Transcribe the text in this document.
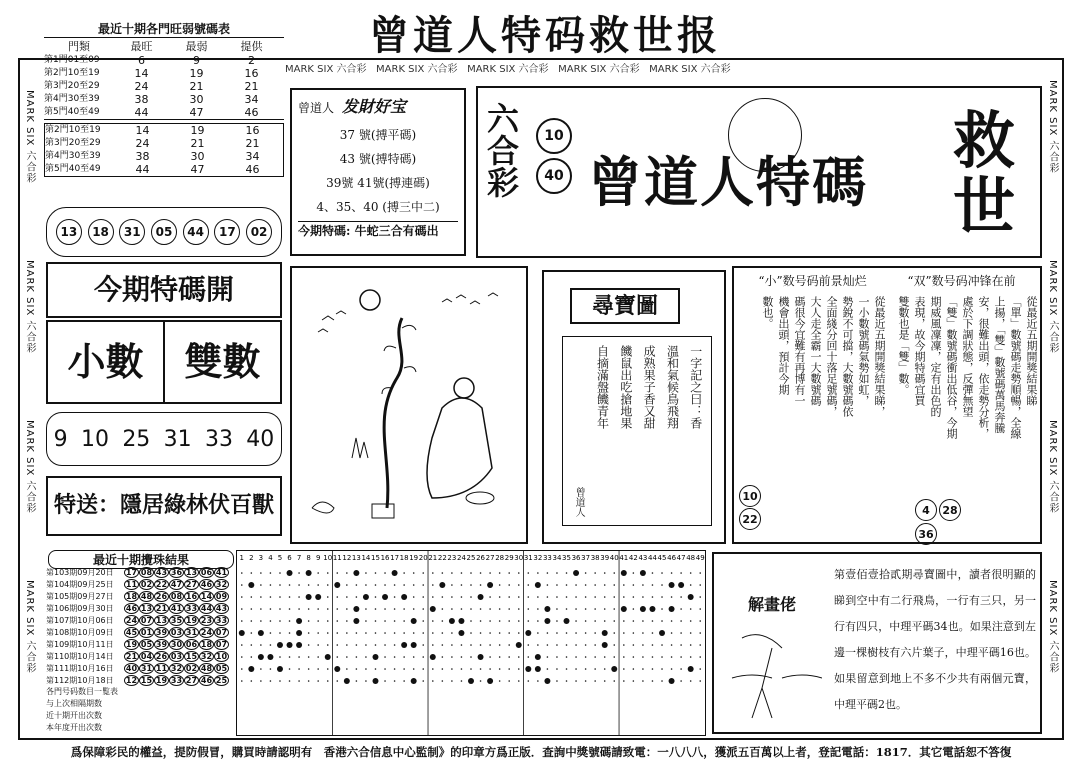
曾道人特码救世报
MARK SIX 六合彩 MARK SIX 六合彩 MARK SIX 六合彩 MARK SIX 六合彩 MARK SIX 六合彩
MARK SIX 六合彩
MARK SIX 六合彩
MARK SIX 六合彩
MARK SIX 六合彩
MARK SIX 六合彩
MARK SIX 六合彩
MARK SIX 六合彩
MARK SIX 六合彩
最近十期各門旺弱號碼表
門類	最旺	最弱	提供
第1門01至09	6	9	2
第2門10至19	14	19	16
第3門20至29	24	21	21
第4門30至39	38	30	34
第5門40至49	44	47	46
第2門10至19	14	19	16
第3門20至29	24	21	21
第4門30至39	38	30	34
第5門40至49	44	47	46
13	18	31	05	44	17	02
曾道人 发財好宝
37 號(搏平碼)
43 號(搏特碼)
39號 41號(搏連碼)
4、35、40 (搏三中二)
今期特碼: 牛蛇三合有碼出
六合彩	10
40 曾道人特碼
救世
今期特碼開
小數	雙數
9 10 25 31 33 40
特送：隱居綠林伏百獸
尋寶圖
一字記之曰：香
溫和氣候鳥飛翔
成熟果子香又甜
饑鼠出吃搶地果
自摘滿盤饑青年
曾道人
“小”数号码前景灿烂	“双”数号码冲锋在前
從最近五期開獎結果睇，
一小數號碼氣勢如虹，
勢銳不可擋，大數號碼依
全面綫分回十落足號碼，
大人走全霸一大數號碼
碼很今宜難有再博有一
機會出頭，預計今期
數也。	從最近五期開獎結果睇
「單」數號碼走勢順暢，全線
上揚，「雙」數號碼萬馬奔騰
安，很難出頭，依走勢分析，
處於下調狀態，反彈無望
「雙」數號碼衝出低谷，今期
期威風凜凜，定有出色的
表現，故今期特碼宜買
雙數也是「雙」數。
10
22
4 2836
最近十期攪珠結果
第103期09月20日	17 08 43 36 13 06 41
第104期09月25日	11 02 22 47 27 46 32
第105期09月27日	18 48 26 08 16 14 09
第106期09月30日	46 13 21 41 33 44 43
第107期10月06日	24 07 13 35 19 23 33
第108期10月09日	45 01 39 03 31 24 07
第109期10月11日	19 05 39 30 06 18 07
第110期10月14日	21 04 26 03 15 32 10
第111期10月16日	40 31 11 32 02 48 05
第112期10月18日	12 15 19 33 27 46 25
各門号码数目一覧表
与上次相隔期数
近十期开出次数
本年度开出次数
1 2 3 4 5 6 7 8 9 10 11 12 13 14 15 16 17 18 19 20 21 22 23 24 25 26 27 28 29 30 31 32 33 34 35 36 37 38 39 40 41 42 43 44 45 46 47 48 49
解畫佬
第壹佰壹拾貳期尋寶圖中，讀者很明顯的睇到空中有二行飛鳥，一行有三只，另一行有四只，中理平碼34也。如果注意到左邊一棵樹枝有六片葉子，中理平碼16也。如果留意到地上不多不少共有兩個元寶，中理平碼2也。
爲保障彩民的權益，提防假冒，購買時請認明有　香港六合信息中心監制》的印章方爲正版．查詢中獎號碼請致電：一八八八，獲派五百萬以上者，登記電話：1817．其它電話恕不答復
